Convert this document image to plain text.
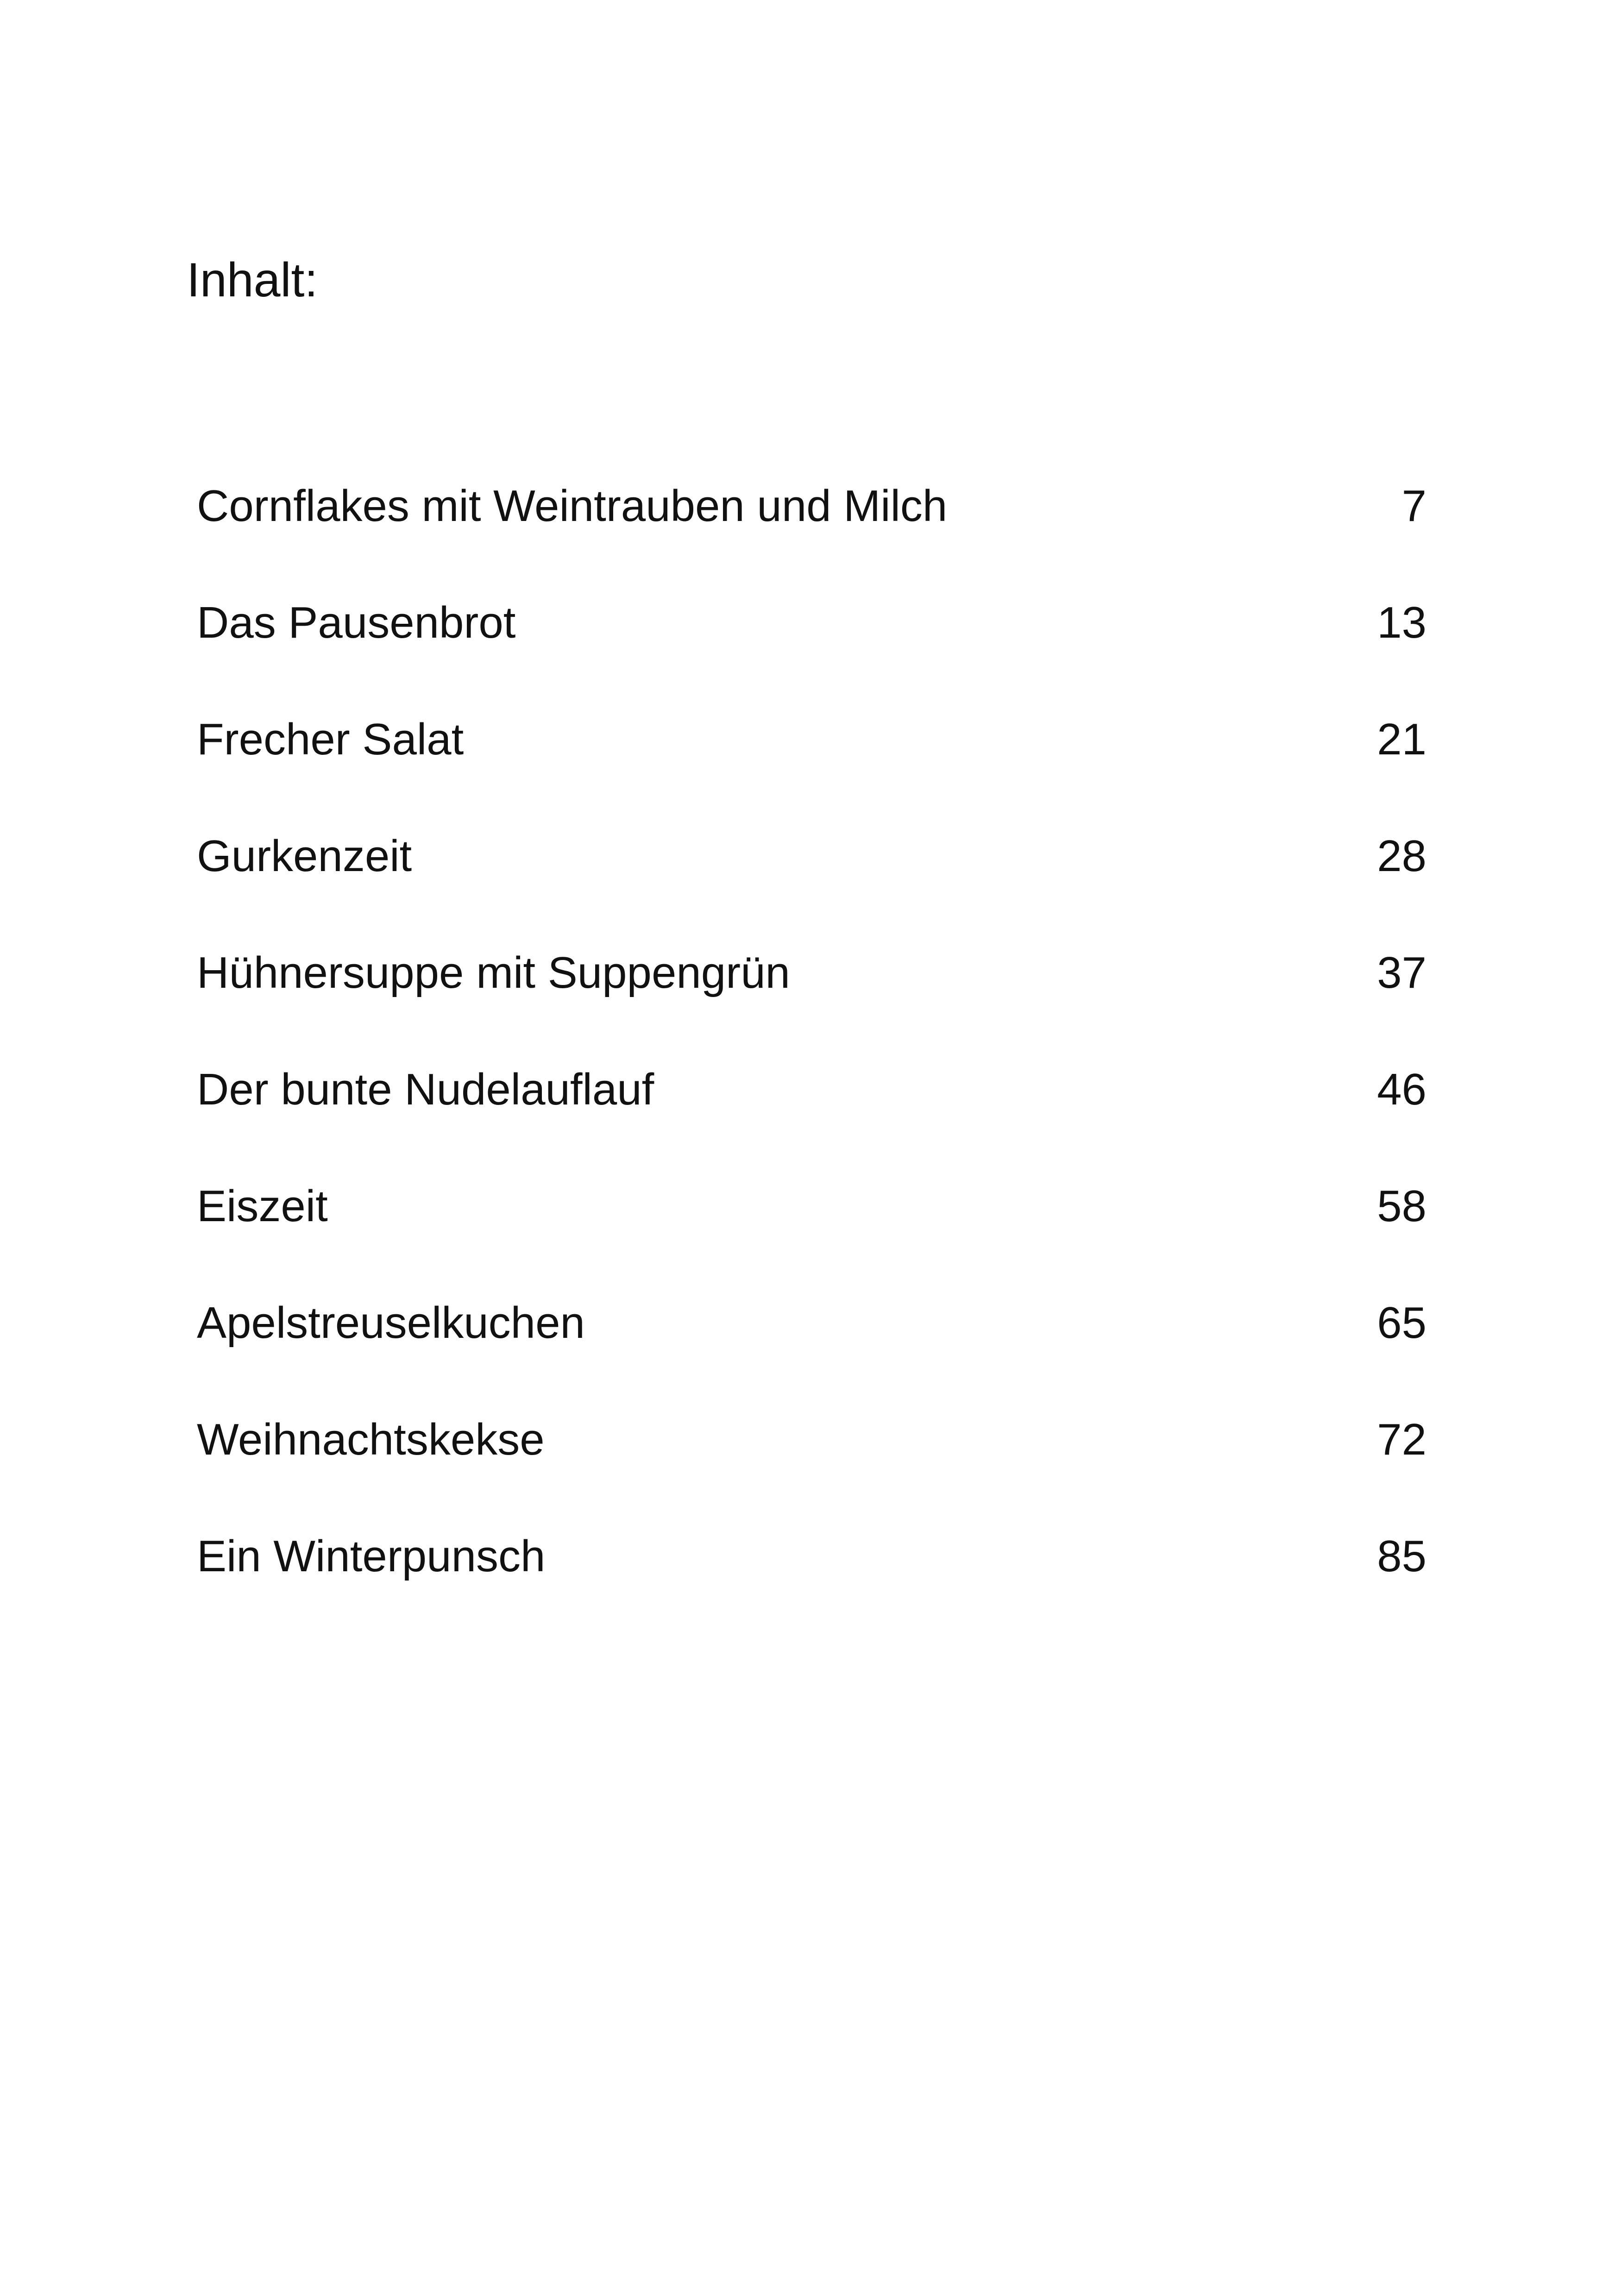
Inhalt:
Cornflakes mit Weintrauben und Milch	7
Das Pausenbrot	13
Frecher Salat	21
Gurkenzeit	28
Hühnersuppe mit Suppengrün	37
Der bunte Nudelauflauf	46
Eiszeit	58
Apelstreuselkuchen	65
Weihnachtskekse	72
Ein Winterpunsch	85
